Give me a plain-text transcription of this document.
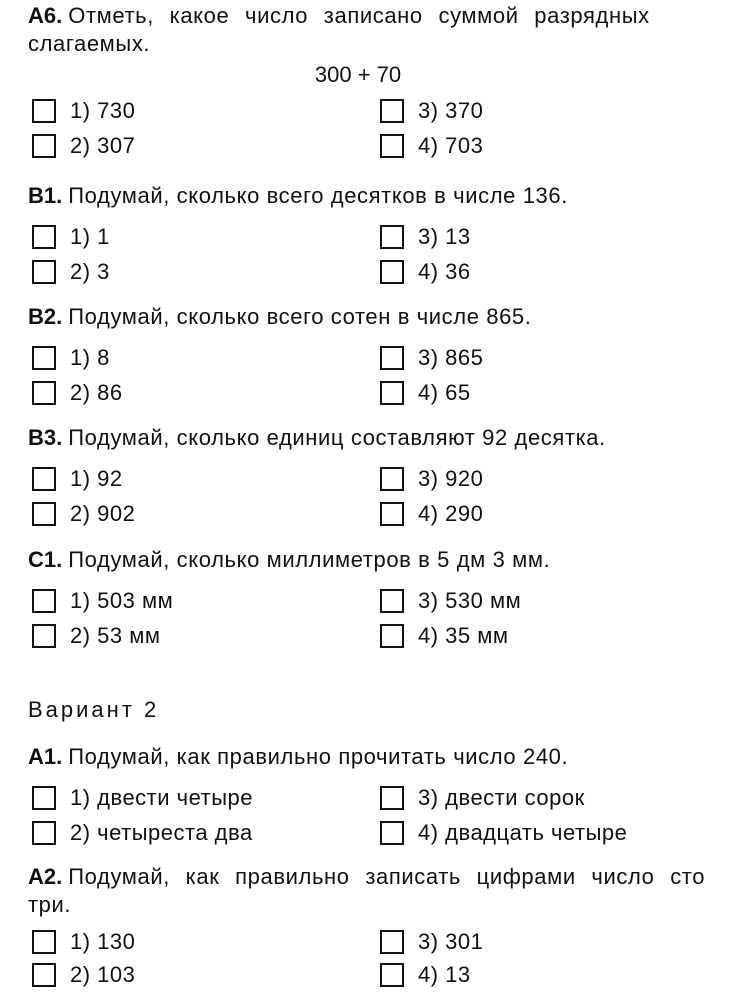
А6. Отметь, какое число записано суммой разрядных слагаемых.
300 + 70
1) 730
2) 307
3) 370
4) 703
В1. Подумай, сколько всего десятков в числе 136.
1) 1
2) 3
3) 13
4) 36
В2. Подумай, сколько всего сотен в числе 865.
1) 8
2) 86
3) 865
4) 65
В3. Подумай, сколько единиц составляют 92 десятка.
1) 92
2) 902
3) 920
4) 290
С1. Подумай, сколько миллиметров в 5 дм 3 мм.
1) 503 мм
2) 53 мм
3) 530 мм
4) 35 мм
Вариант 2
А1. Подумай, как правильно прочитать число 240.
1) двести четыре
2) четыреста два
3) двести сорок
4) двадцать четыре
А2. Подумай, как правильно записать цифрами число сто три.
1) 130
2) 103
3) 301
4) 13
